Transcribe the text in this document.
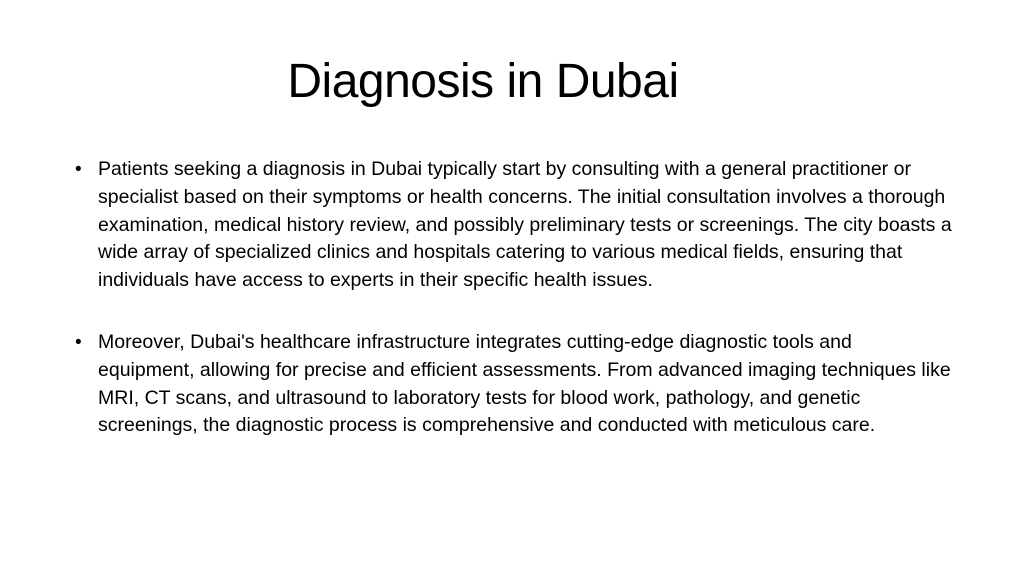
Diagnosis in Dubai
• Patients seeking a diagnosis in Dubai typically start by consulting with a general practitioner or specialist based on their symptoms or health concerns. The initial consultation involves a thorough examination, medical history review, and possibly preliminary tests or screenings. The city boasts a wide array of specialized clinics and hospitals catering to various medical fields, ensuring that individuals have access to experts in their specific health issues.
• Moreover, Dubai's healthcare infrastructure integrates cutting-edge diagnostic tools and equipment, allowing for precise and efficient assessments. From advanced imaging techniques like MRI, CT scans, and ultrasound to laboratory tests for blood work, pathology, and genetic screenings, the diagnostic process is comprehensive and conducted with meticulous care.
